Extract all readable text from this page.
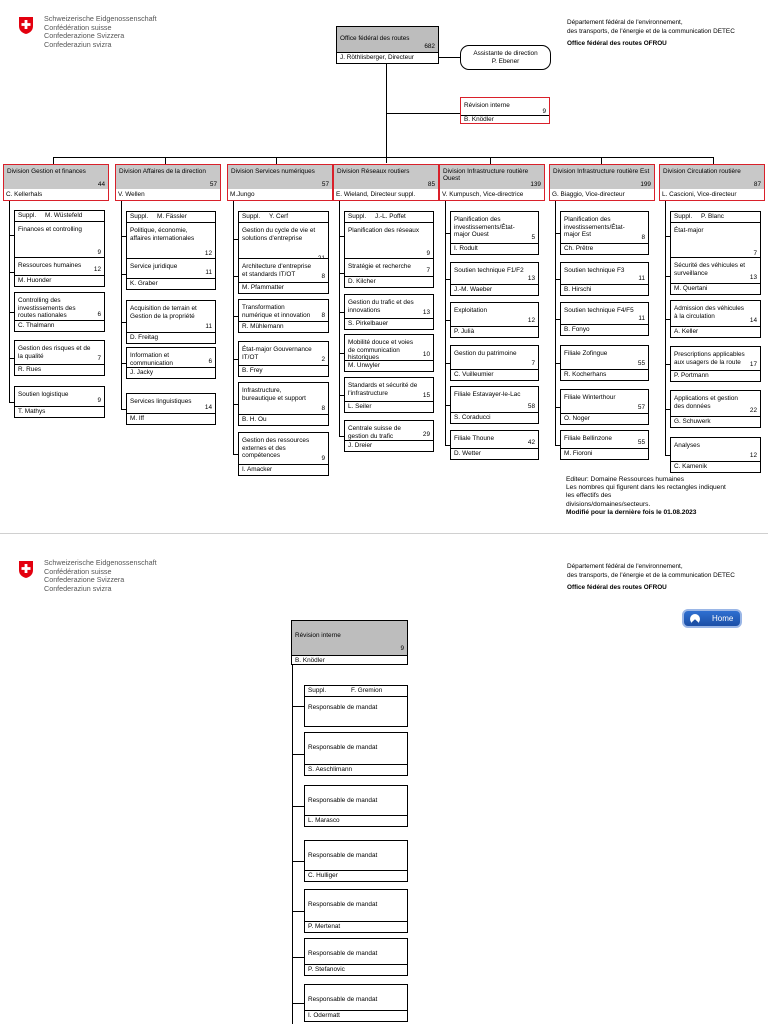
Schweizerische Eidgenossenschaft
Confédération suisse
Confederazione Svizzera
Confederaziun svizra
Département fédéral de l'environnement,
des transports, de l'énergie et de la communication DETEC
Office fédéral des routes OFROU
Office fédéral des routes
682
J. Röthlisberger, Directeur
Assistante de direction
P. Ebener
Révision interne
9
B. Knödler
Division Gestion et finances
44
C. Kellerhals
Suppl. M. Wüstefeld
Finances et controlling
9
Ressources humaines
12
M. Huonder
Controlling des investissements des routes nationales	6
C. Thalmann
Gestion des risques et de la qualité	7
R. Rues
Soutien logistique
9
T. Mathys
Division Affaires de la direction
57
V. Wellen
Suppl. M. Fässler
Politique, économie, affaires internationales
12
Service juridique
11
K. Graber
Acquisition de terrain et Gestion de la propriété
11
D. Freitag
Information et communication	6
J. Jacky
Services linguistiques
14
M. Iff
Division Services numériques
57
M.Jungo
Suppl. Y. Cerf
Gestion du cycle de vie et solutions d'entreprise
Architecture d'entreprise et standards IT/OT	8
M. Pfammatter
Transformation numérique et innovation	8
R. Mühlemann
État-major Gouvernance IT/OT	2
B. Frey
Infrastructure, bureautique et support
8
B. H. Ou
Gestion des ressources externes et des compétences	9
I. Amacker
Division Réseaux routiers
85
E. Wieland, Directeur suppl.
Suppl. J.-L. Poffet
Planification des réseaux
9
Stratégie et recherche
7
D. Kilcher
Gestion du trafic et des innovations	13
S. Pirkelbauer
Mobilité douce et voies de communication historiques	10
M. Unwyler
Standards et sécurité de l'infrastructure	15
L. Seiler
Centrale suisse de gestion du trafic	29
J. Dreier
Division Infrastructure routière Ouest
139
V. Kumpusch, Vice-directrice
Planification des investissements/État-major Ouest	5
I. Rodult
Soutien technique F1/F2
13
J.-M. Waeber
Exploitation
12
P. Julià
Gestion du patrimoine
7
C. Vuilleumier
Filiale Estavayer-le-Lac
58
S. Coraducci
Filiale Thoune
42
D. Wetter
Division Infrastructure routière Est
199
G. Biaggio, Vice-directeur
Planification des investissements/État-major Est	8
Ch. Prêtre
Soutien technique F3
11
B. Hirschi
Soutien technique F4/F5
11
B. Fonyo
Filiale Zofingue
55
R. Kocherhans
Filiale Winterthour
57
O. Noger
Filiale Bellinzone
55
M. Fioroni
Division Circulation routière
87
L. Cascioni, Vice-directeur
Suppl. P. Blanc
État-major
7
Sécurité des véhicules et surveillance
13
M. Quertani
Admission des véhicules à la circulation
14
A. Keller
Prescriptions applicables aux usagers de la route	17
P. Portmann
Applications et gestion des données
22
G. Schuwerk
Analyses
12
C. Kamenik
Editeur: Domaine Ressources humaines
Les nombres qui figurent dans les rectangles indiquent
les effectifs des
divisions/domaines/secteurs.
Modifié pour la dernière fois le 01.08.2023
Schweizerische Eidgenossenschaft
Confédération suisse
Confederazione Svizzera
Confederaziun svizra
Département fédéral de l'environnement,
des transports, de l'énergie et de la communication DETEC
Office fédéral des routes OFROU
Home
Révision interne
9
B. Knödler
Suppl.	F. Gremion
Responsable de mandat
Responsable de mandat
S. Aeschlimann
Responsable de mandat
L. Marasco
Responsable de mandat
C. Hulliger
Responsable de mandat
P. Mertenat
Responsable de mandat
P. Stefanovic
Responsable de mandat
I. Odermatt
